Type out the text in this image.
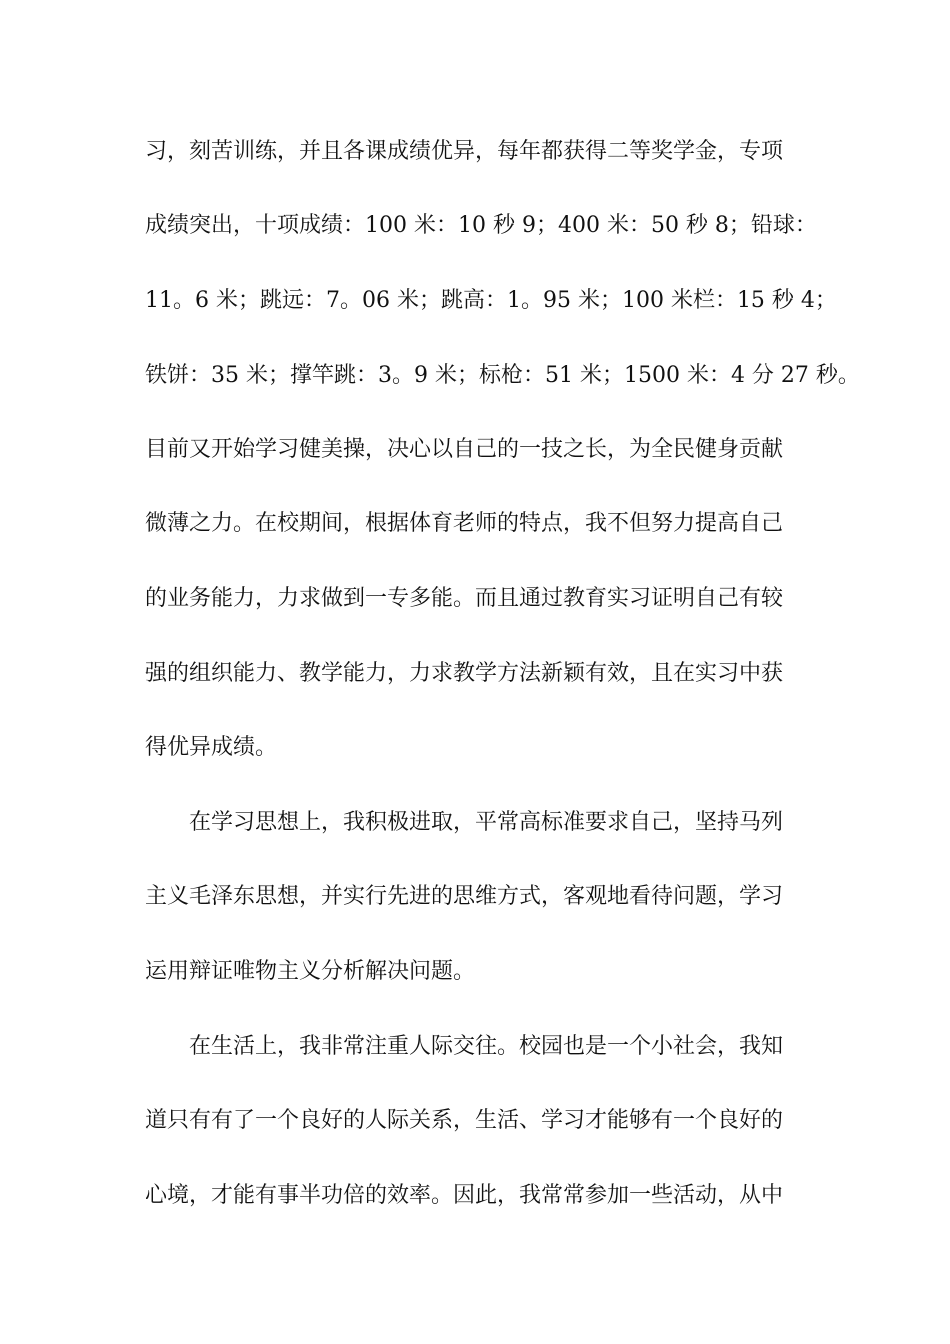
习，刻苦训练，并且各课成绩优异，每年都获得二等奖学金，专项
成绩突出，十项成绩：100 米：10 秒 9；400 米：50 秒 8；铅球：
11。6 米；跳远：7。06 米；跳高：1。95 米；100 米栏：15 秒 4；
铁饼：35 米；撑竿跳：3。9 米；标枪：51 米；1500 米：4 分 27 秒。
目前又开始学习健美操，决心以自己的一技之长，为全民健身贡献
微薄之力。在校期间，根据体育老师的特点，我不但努力提高自己
的业务能力，力求做到一专多能。而且通过教育实习证明自己有较
强的组织能力、教学能力，力求教学方法新颖有效，且在实习中获
得优异成绩。
在学习思想上，我积极进取，平常高标准要求自己，坚持马列
主义毛泽东思想，并实行先进的思维方式，客观地看待问题，学习
运用辩证唯物主义分析解决问题。
在生活上，我非常注重人际交往。校园也是一个小社会，我知
道只有有了一个良好的人际关系，生活、学习才能够有一个良好的
心境，才能有事半功倍的效率。因此，我常常参加一些活动，从中
